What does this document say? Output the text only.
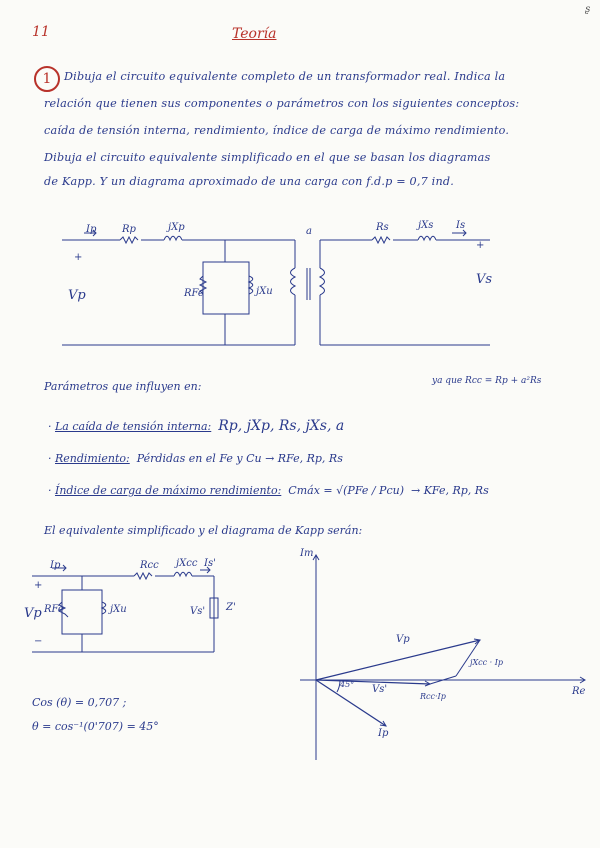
11	Teoría
ʂ
1	Dibuja el circuito equivalente completo de un transformador real. Indica la
relación que tienen sus componentes o parámetros con los siguientes conceptos:
caída de tensión interna, rendimiento, índice de carga de máximo rendimiento.
Dibuja el circuito equivalente simplificado en el que se basan los diagramas
de Kapp. Y un diagrama aproximado de una carga con f.d.p = 0,7 ind.
Ip	Rp	jXp	a	Rs	jXs Is
+
+
Vp
Vs
RFe	jXu
Parámetros que influyen en:	ya que Rcc = Rp + a²Rs
· La caída de tensión interna: Rp, jXp, Rs, jXs, a
· Rendimiento: Pérdidas en el Fe y Cu → RFe, Rp, Rs
· Índice de carga de máximo rendimiento: Cmáx = √(PFe / Pcu) → KFe, Rp, Rs
El equivalente simplificado y el diagrama de Kapp serán:
Ip	Rcc jXcc Is'
+
Vp
−
RFe	jXu	Vs' Z'
Im
Re
Vp
Vs'
Ip
45°
jXcc · Ip
Rcc·Ip
Cos (θ) = 0,707 ;
θ = cos⁻¹(0'707) = 45°
